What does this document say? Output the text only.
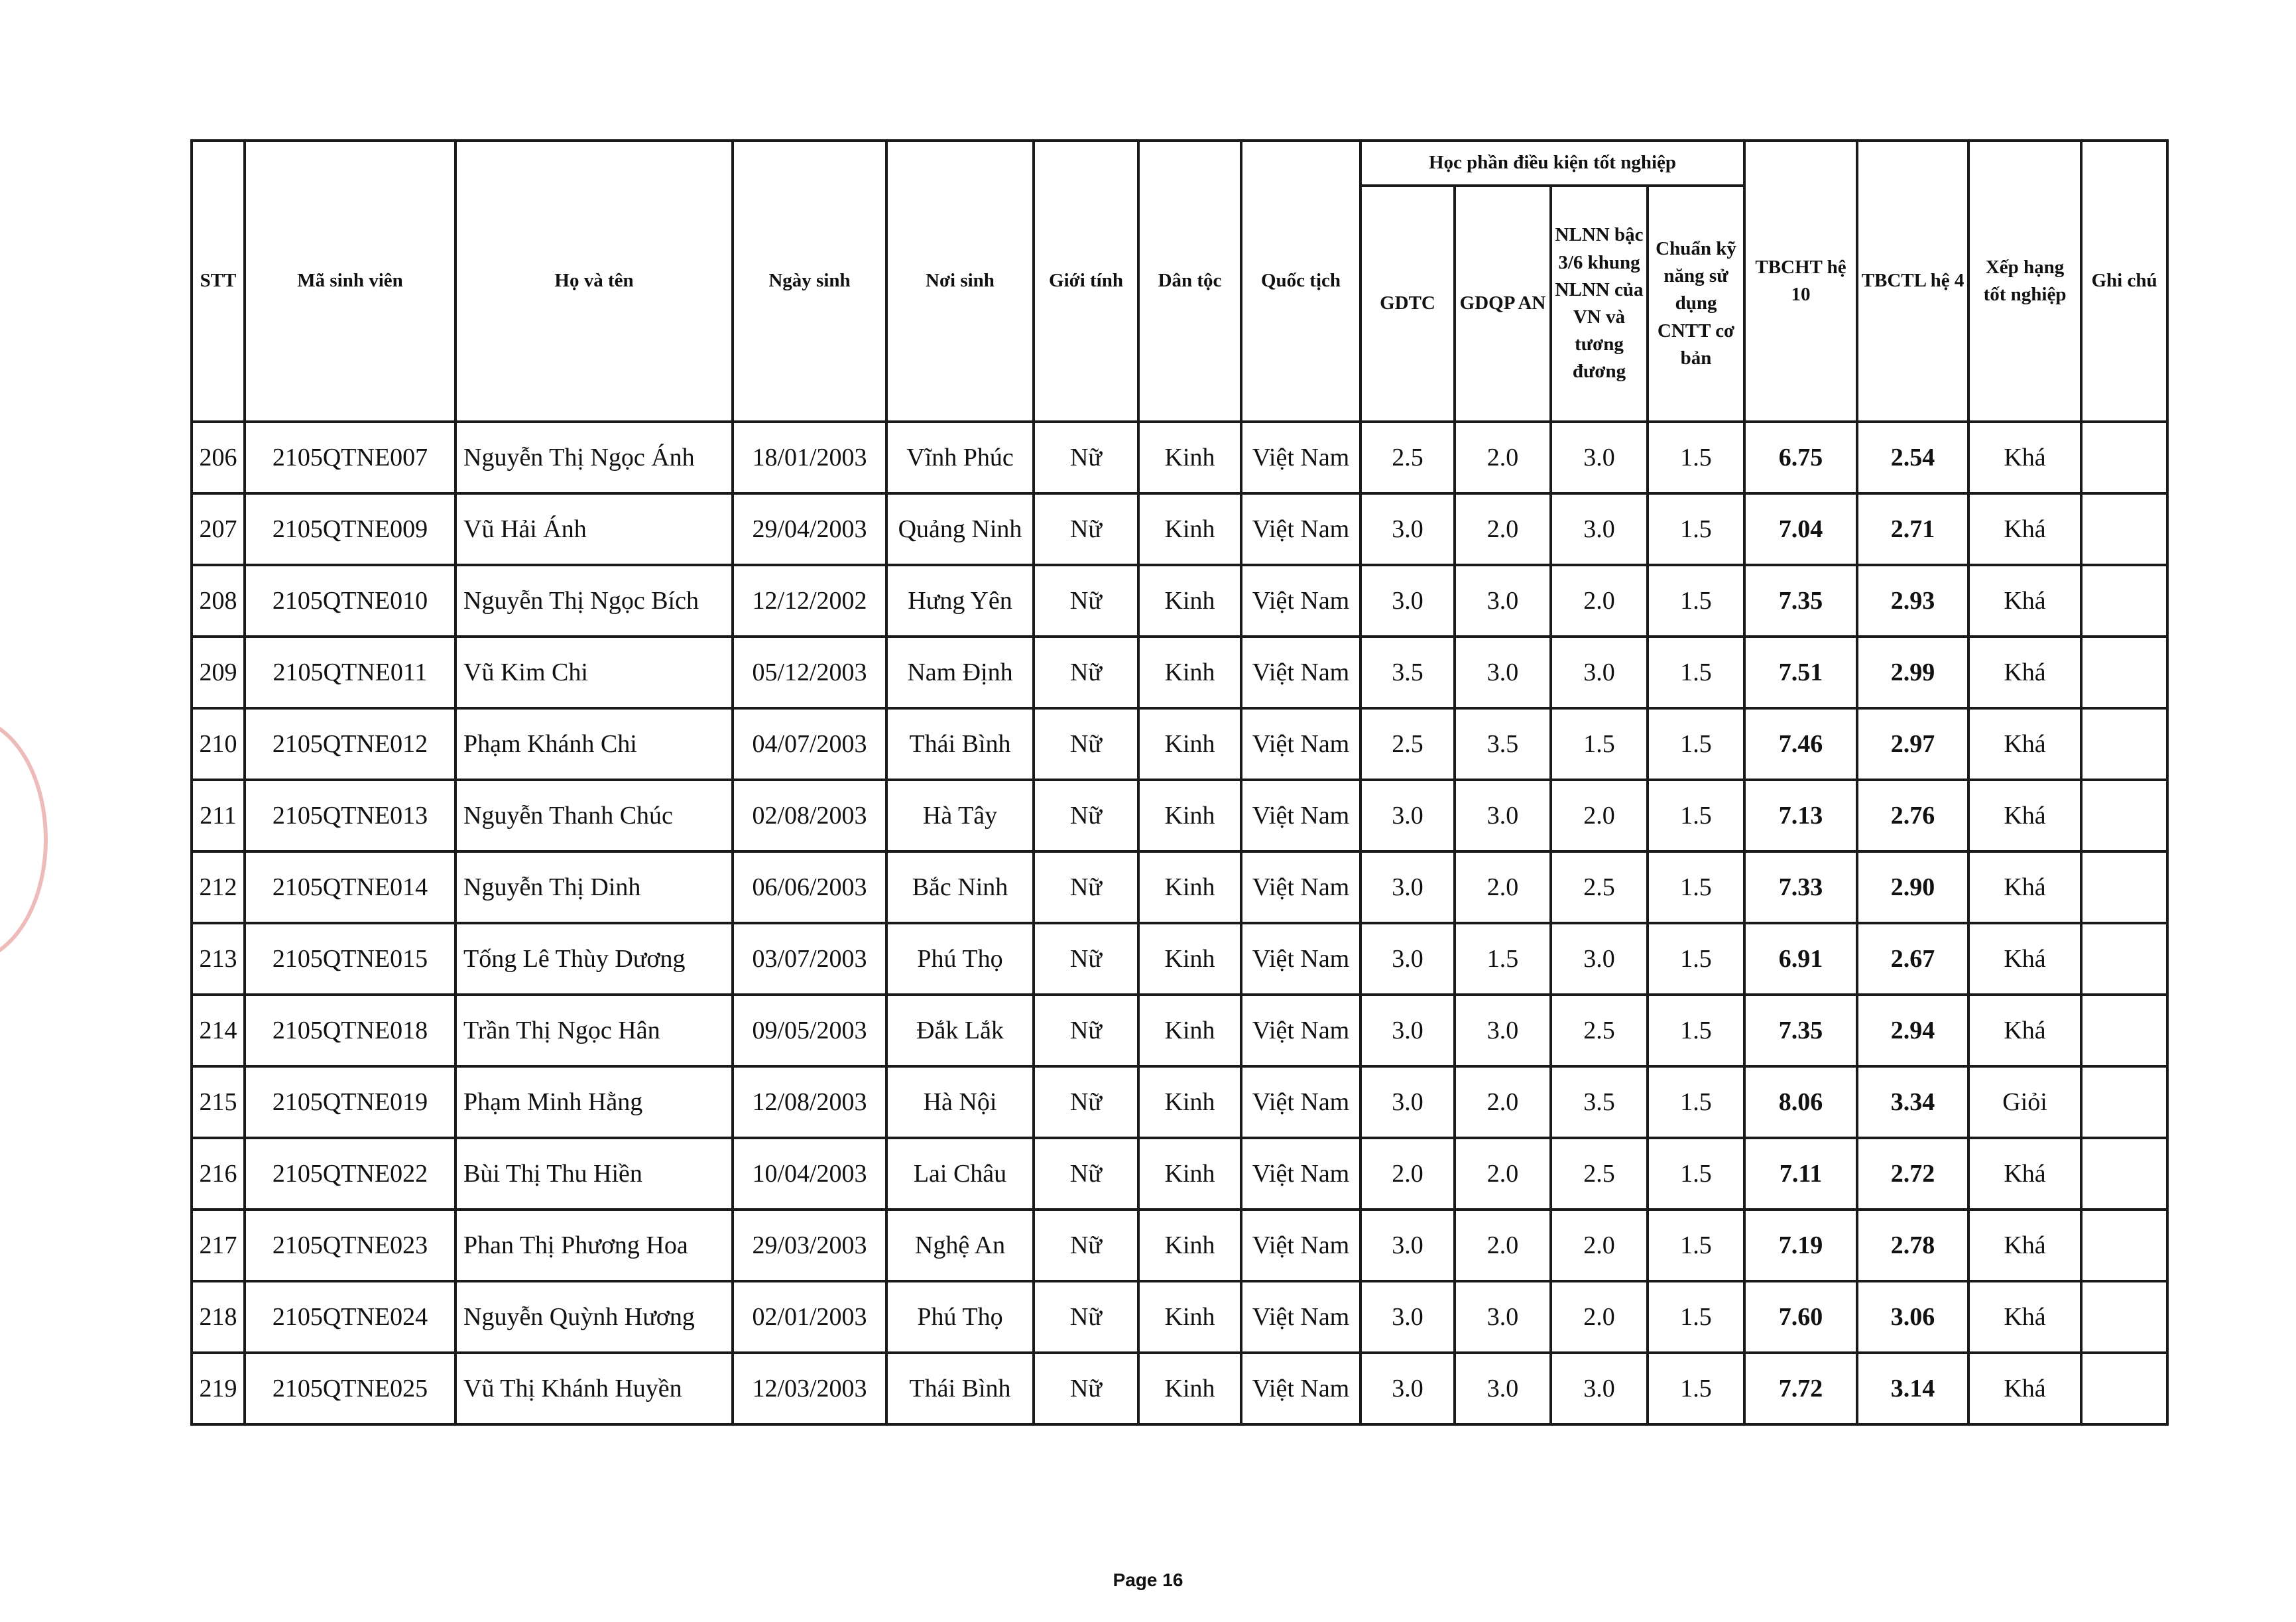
STT	Mã sinh viên	Họ và tên	Ngày sinh	Nơi sinh	Giới tính	Dân tộc	Quốc tịch	Học phần điều kiện tốt nghiệp				TBCHT hệ 10	TBCTL hệ 4	Xếp hạng tốt nghiệp	Ghi chú
								GDTC	GDQP AN	NLNN bậc 3/6 khung NLNN của VN và tương đương	Chuẩn kỹ năng sử dụng CNTT cơ bản				
206	2105QTNE007	Nguyễn Thị Ngọc Ánh	18/01/2003	Vĩnh Phúc	Nữ	Kinh	Việt Nam	2.5	2.0	3.0	1.5	6.75	2.54	Khá	
207	2105QTNE009	Vũ Hải Ánh	29/04/2003	Quảng Ninh	Nữ	Kinh	Việt Nam	3.0	2.0	3.0	1.5	7.04	2.71	Khá	
208	2105QTNE010	Nguyễn Thị Ngọc Bích	12/12/2002	Hưng Yên	Nữ	Kinh	Việt Nam	3.0	3.0	2.0	1.5	7.35	2.93	Khá	
209	2105QTNE011	Vũ Kim Chi	05/12/2003	Nam Định	Nữ	Kinh	Việt Nam	3.5	3.0	3.0	1.5	7.51	2.99	Khá	
210	2105QTNE012	Phạm Khánh Chi	04/07/2003	Thái Bình	Nữ	Kinh	Việt Nam	2.5	3.5	1.5	1.5	7.46	2.97	Khá	
211	2105QTNE013	Nguyễn Thanh Chúc	02/08/2003	Hà Tây	Nữ	Kinh	Việt Nam	3.0	3.0	2.0	1.5	7.13	2.76	Khá	
212	2105QTNE014	Nguyễn Thị Dinh	06/06/2003	Bắc Ninh	Nữ	Kinh	Việt Nam	3.0	2.0	2.5	1.5	7.33	2.90	Khá	
213	2105QTNE015	Tống Lê Thùy Dương	03/07/2003	Phú Thọ	Nữ	Kinh	Việt Nam	3.0	1.5	3.0	1.5	6.91	2.67	Khá	
214	2105QTNE018	Trần Thị Ngọc Hân	09/05/2003	Đắk Lắk	Nữ	Kinh	Việt Nam	3.0	3.0	2.5	1.5	7.35	2.94	Khá	
215	2105QTNE019	Phạm Minh Hằng	12/08/2003	Hà Nội	Nữ	Kinh	Việt Nam	3.0	2.0	3.5	1.5	8.06	3.34	Giỏi	
216	2105QTNE022	Bùi Thị Thu Hiền	10/04/2003	Lai Châu	Nữ	Kinh	Việt Nam	2.0	2.0	2.5	1.5	7.11	2.72	Khá	
217	2105QTNE023	Phan Thị Phương Hoa	29/03/2003	Nghệ An	Nữ	Kinh	Việt Nam	3.0	2.0	2.0	1.5	7.19	2.78	Khá	
218	2105QTNE024	Nguyễn Quỳnh Hương	02/01/2003	Phú Thọ	Nữ	Kinh	Việt Nam	3.0	3.0	2.0	1.5	7.60	3.06	Khá	
219	2105QTNE025	Vũ Thị Khánh Huyền	12/03/2003	Thái Bình	Nữ	Kinh	Việt Nam	3.0	3.0	3.0	1.5	7.72	3.14	Khá	
Page 16
